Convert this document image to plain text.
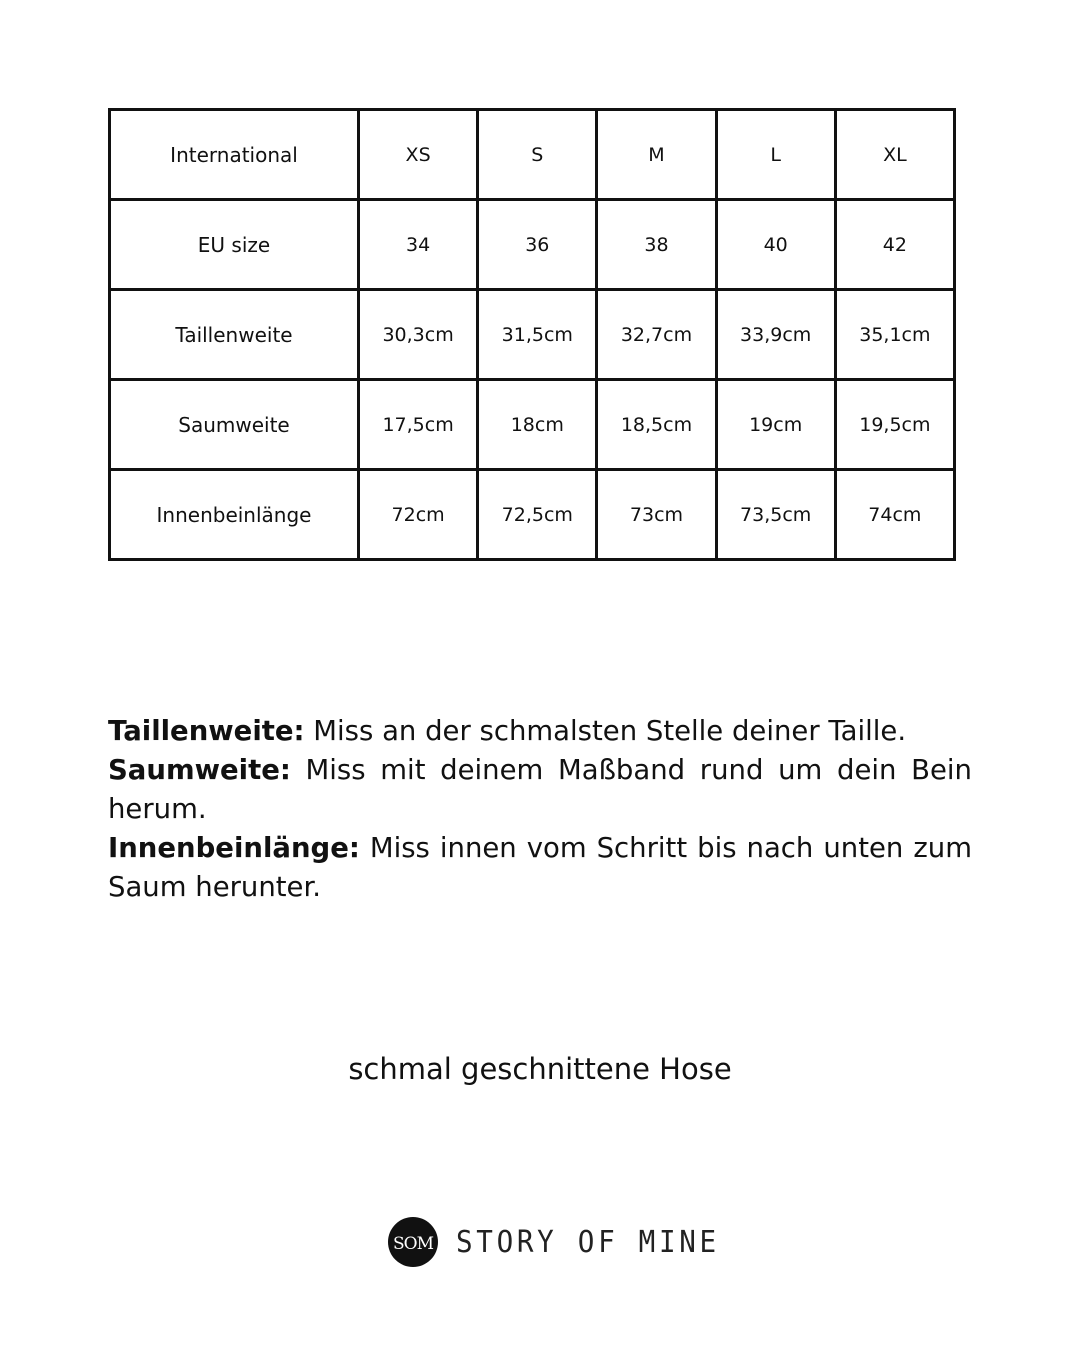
International	XS	S	M	L	XL
EU size	34	36	38	40	42
Taillenweite	30,3cm	31,5cm	32,7cm	33,9cm	35,1cm
Saumweite	17,5cm	18cm	18,5cm	19cm	19,5cm
Innenbeinlänge	72cm	72,5cm	73cm	73,5cm	74cm

Taillenweite: Miss an der schmalsten Stelle deiner Taille.

Saumweite: Miss mit deinem Maßband rund um dein Bein herum.

Innenbeinlänge: Miss innen vom Schritt bis nach unten zum Saum herunter.

schmal geschnittene Hose
SOM STORY OF MINE
